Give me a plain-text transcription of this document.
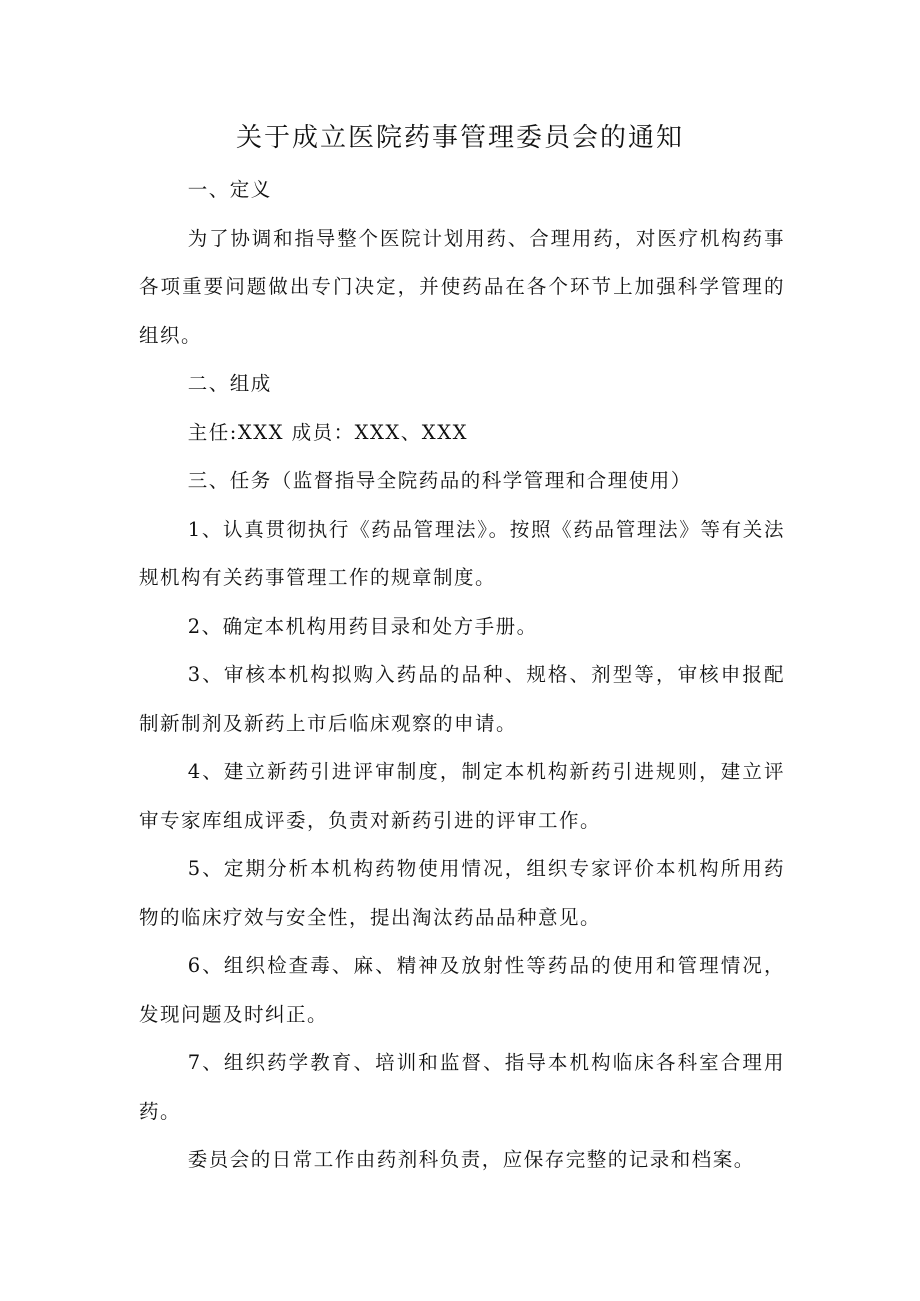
关于成立医院药事管理委员会的通知

一、定义

为了协调和指导整个医院计划用药、合理用药，对医疗机构药事各项重要问题做出专门决定，并使药品在各个环节上加强科学管理的组织。

二、组成

主任:XXX 成员：XXX、XXX

三、任务（监督指导全院药品的科学管理和合理使用）

1、认真贯彻执行《药品管理法》。按照《药品管理法》等有关法规机构有关药事管理工作的规章制度。

2、确定本机构用药目录和处方手册。

3、审核本机构拟购入药品的品种、规格、剂型等，审核申报配制新制剂及新药上市后临床观察的申请。

4、建立新药引进评审制度，制定本机构新药引进规则，建立评审专家库组成评委，负责对新药引进的评审工作。

5、定期分析本机构药物使用情况，组织专家评价本机构所用药物的临床疗效与安全性，提出淘汰药品品种意见。

6、组织检查毒、麻、精神及放射性等药品的使用和管理情况，发现问题及时纠正。

7、组织药学教育、培训和监督、指导本机构临床各科室合理用药。

委员会的日常工作由药剂科负责，应保存完整的记录和档案。
